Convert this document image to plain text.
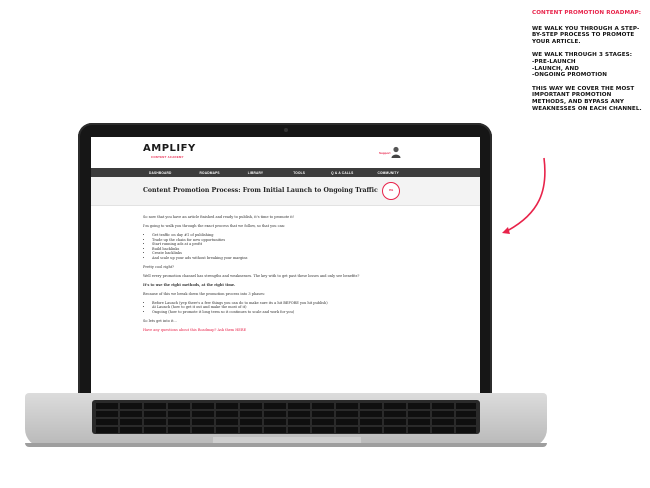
CONTENT PROMOTION ROADMAP:

WE WALK YOU THROUGH A STEP-BY-STEP PROCESS TO PROMOTE YOUR ARTICLE.

WE WALK THROUGH 3 STAGES:
-PRE-LAUNCH
-LAUNCH, AND
-ONGOING PROMOTION

THIS WAY WE COVER THE MOST IMPORTANT PROMOTION METHODS, AND BYPASS ANY WEAKNESSES ON EACH CHANNEL.

AMPLIFY
CONTENT ACADEMY
Support
DASHBOARD	ROADMAPS	LIBRARY	TOOLS	Q & A CALLS	COMMUNITY
Content Promotion Process: From Initial Launch to Ongoing Traffic	0%

So now that you have an article finished and ready to publish, it's time to promote it!

I'm going to walk you through the exact process that we follow, so that you can:

• Get traffic on day #1 of publishing
• Trade up the chain for new opportunities
• Start running ads at a profit
• Build backlinks
• Create backlinks
• And scale up your ads without breaking your margins

Pretty cool right?

Well every promotion channel has strengths and weaknesses. The key with to get past these losses and only see benefits?

It's to use the right methods, at the right time.

Because of this we break down the promotion process into 3 phases:

• Before Launch (yep there's a few things you can do to make sure its a hit BEFORE you hit publish)
• At Launch (how to get it out and make the most of it)
• Ongoing (how to promote it long term so it continues to scale and work for you)

So lets get into it...

Have any questions about this Roadmap? Ask them HERE
